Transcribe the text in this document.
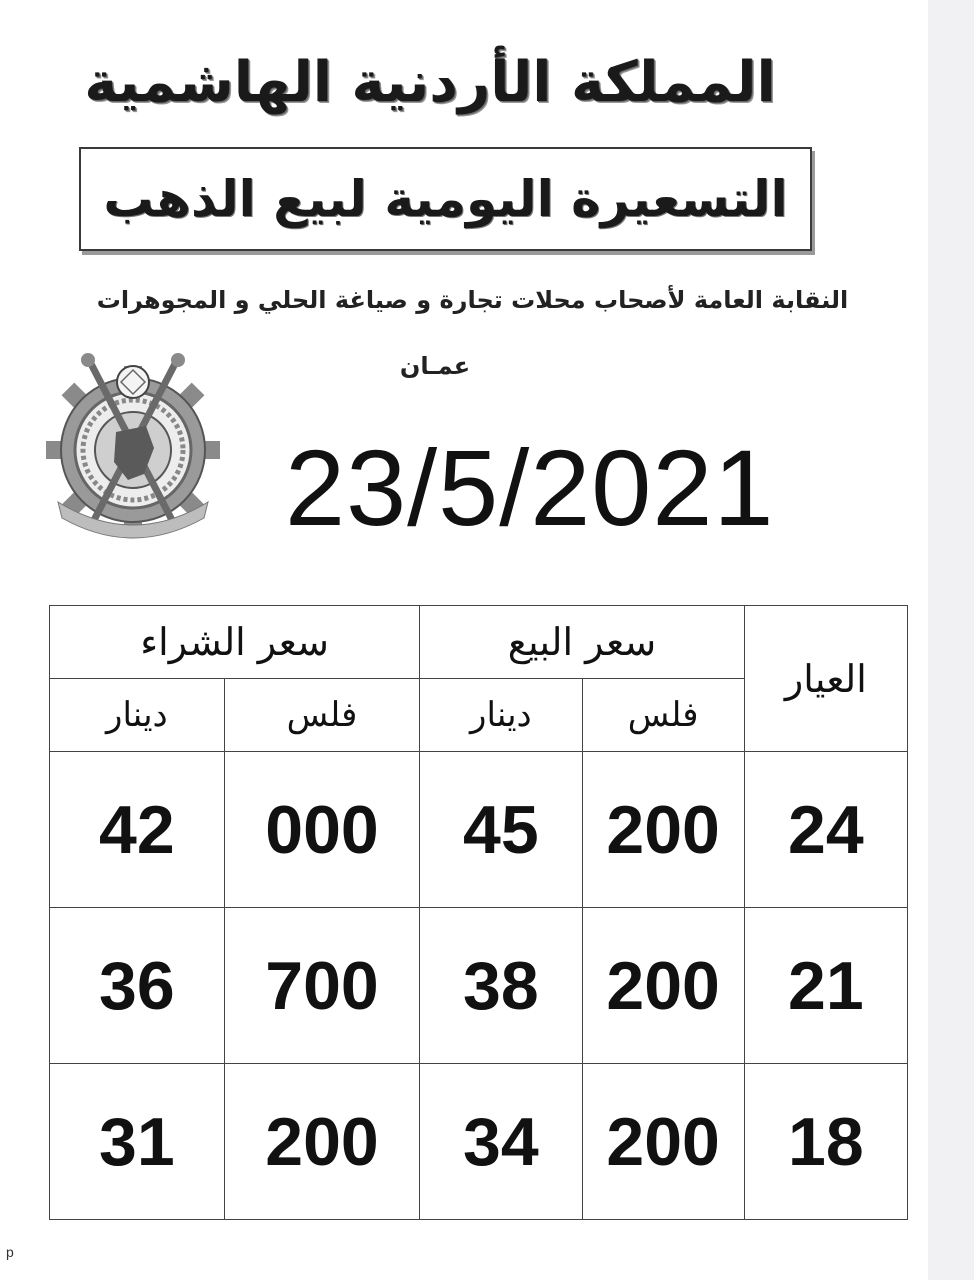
المملكة الأردنية الهاشمية
التسعيرة اليومية لبيع الذهب
النقابة العامة لأصحاب محلات تجارة و صياغة الحلي و المجوهرات
عمـان
23/5/2021
العيار	سعر البيع		سعر الشراء	
	فلس	دينار	فلس	دينار
24	200	45	000	42
21	200	38	700	36
18	200	34	200	31
p
